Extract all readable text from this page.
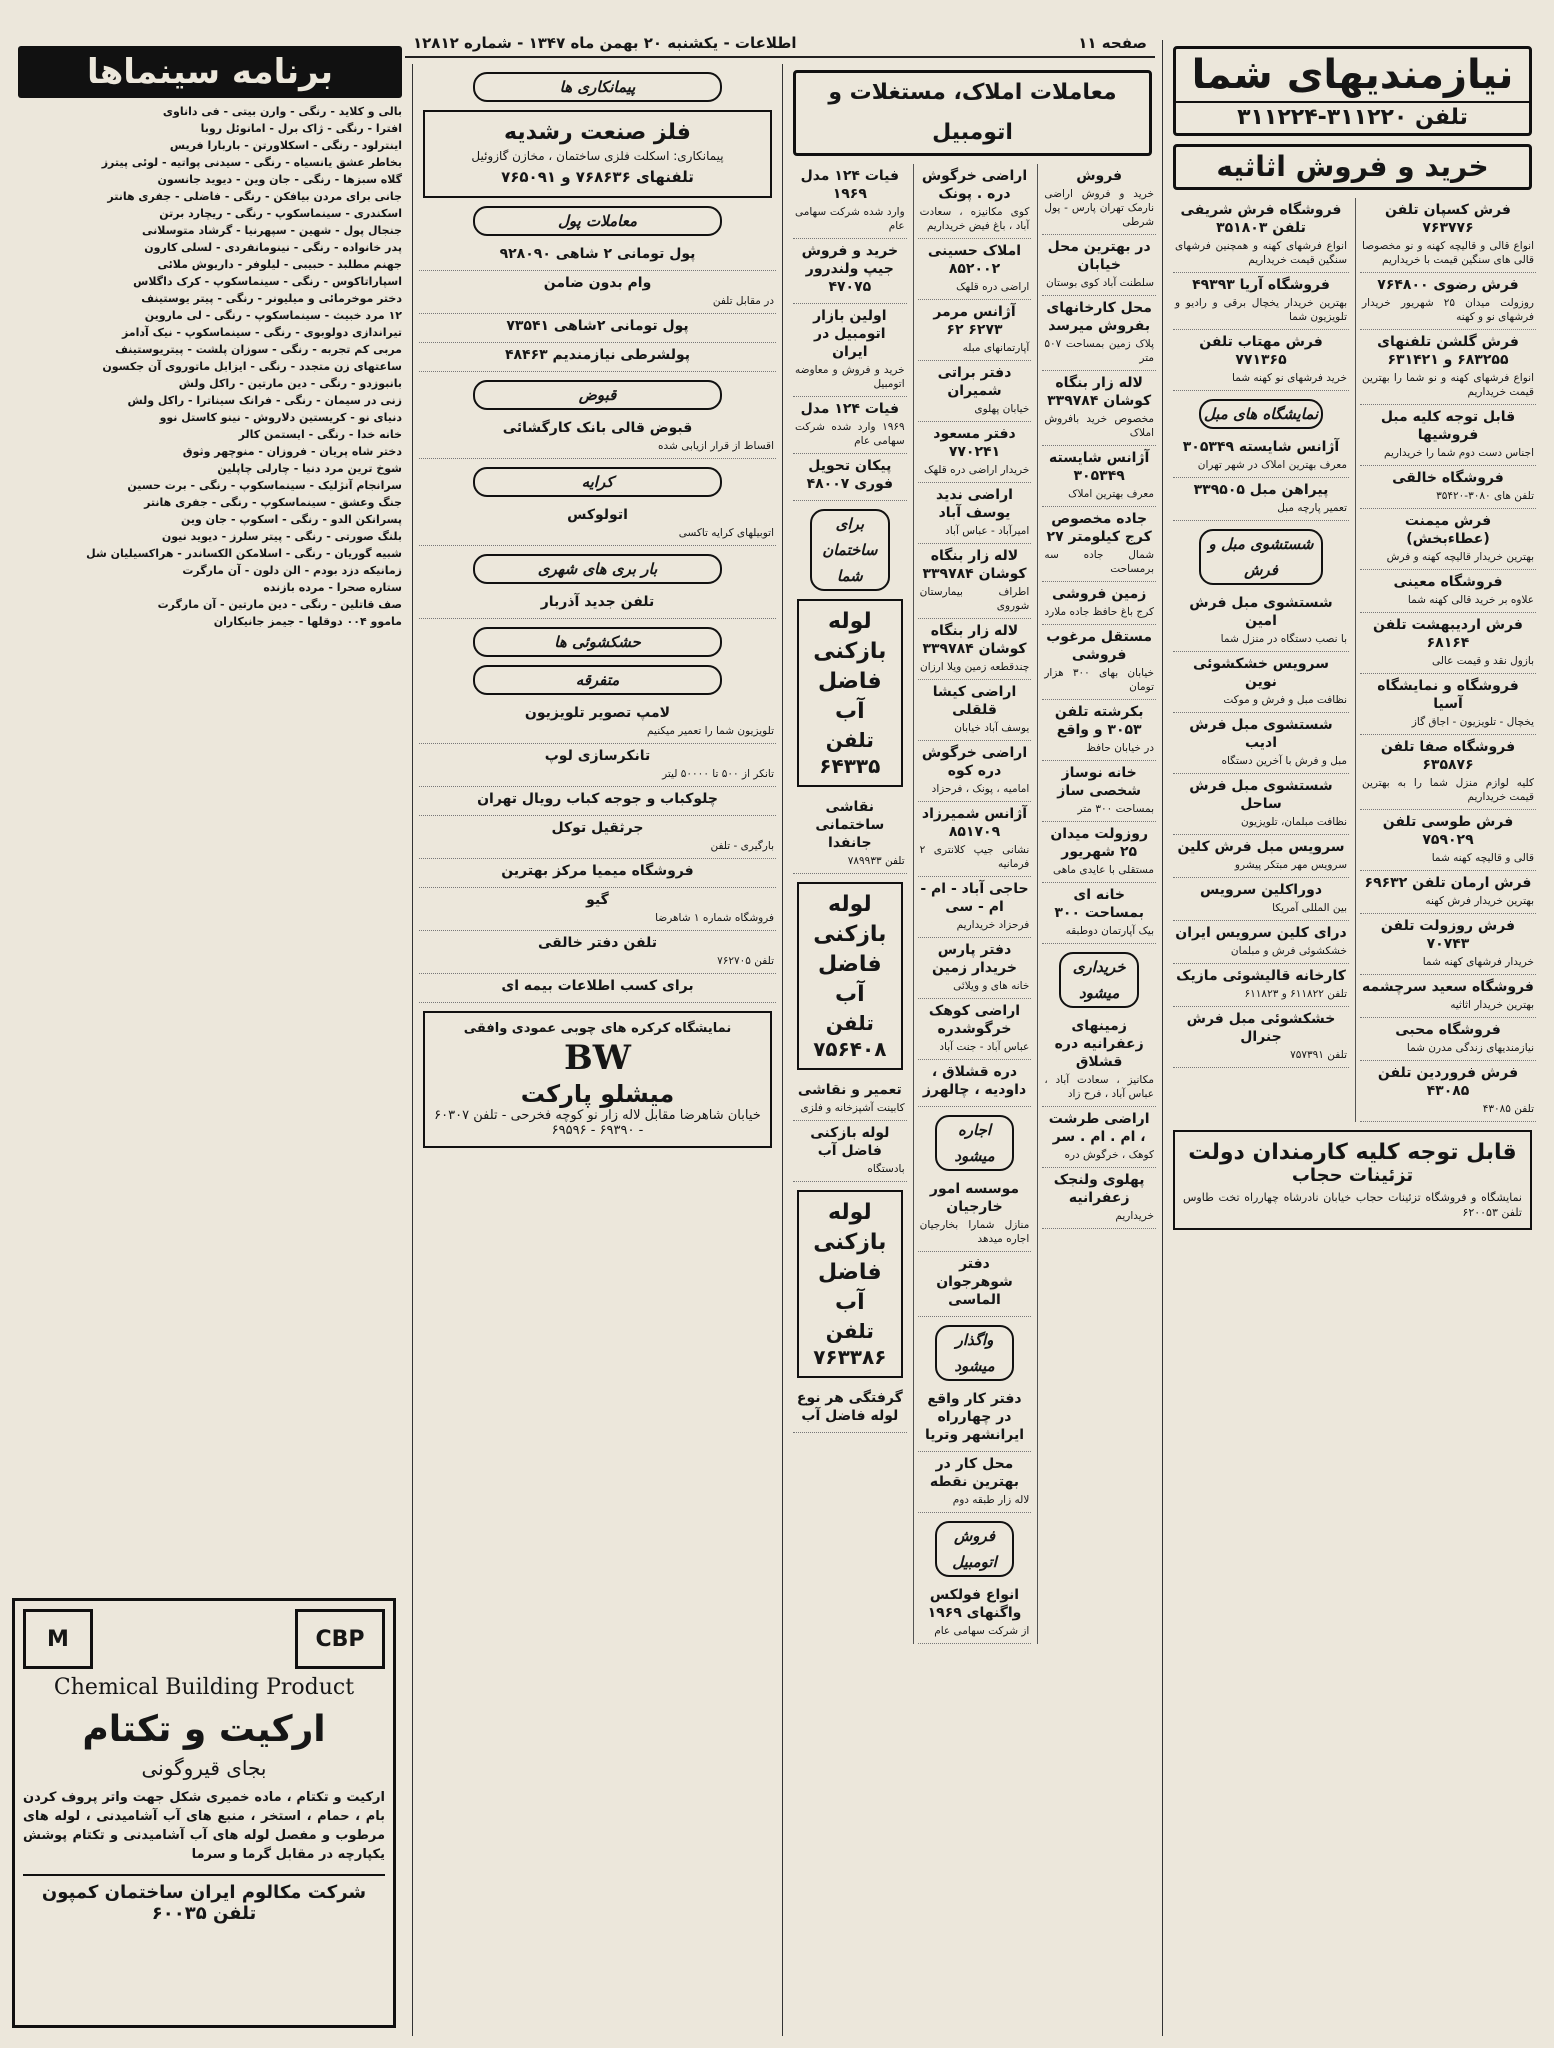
صفحه ۱۱
اطلاعات - یکشنبه ۲۰ بهمن ماه ۱۳۴۷ - شماره ۱۲۸۱۲
نیازمندیهای شما
تلفن ۳۱۱۲۲۰-۳۱۱۲۲۴
خرید و فروش اثاثیه
فرش کسپان تلفن ۷۶۳۷۷۶

انواع قالی و قالیچه کهنه و نو مخصوصا قالی های سنگین قیمت با خریداریم

فرش رضوی ۷۶۴۸۰۰

روزولت میدان ۲۵ شهریور خریدار فرشهای نو و کهنه

فرش گلشن تلفنهای ۶۸۳۲۵۵ و ۶۳۱۴۲۱

انواع فرشهای کهنه و نو شما را بهترین قیمت خریداریم

قابل توجه کلیه مبل فروشیها

اجناس دست دوم شما را خریداریم

فروشگاه خالقی

تلفن های ۳۰۸۰-۳۵۴۲۰

فرش میمنت (عطاءبخش)

بهترین خریدار قالیچه کهنه و فرش

فروشگاه معینی

علاوه بر خرید قالی کهنه شما

فرش اردیبهشت تلفن ۶۸۱۶۴

بازول نقد و قیمت عالی

فروشگاه و نمایشگاه آسیا

یخچال - تلویزیون - اجاق گاز

فروشگاه صفا تلفن ۶۳۵۸۷۶

کلیه لوازم منزل شما را به بهترین قیمت خریداریم

فرش طوسی تلفن ۷۵۹۰۲۹

قالی و قالیچه کهنه شما

فرش ارمان تلفن ۶۹۶۳۲

بهترین خریدار فرش کهنه

فرش روزولت تلفن ۷۰۷۴۳

خریدار فرشهای کهنه شما

فروشگاه سعید سرچشمه

بهترین خریدار اثاثیه

فروشگاه محبی

نیازمندیهای زندگی مدرن شما

فرش فروردین تلفن ۴۳۰۸۵

تلفن ۴۳۰۸۵

فروشگاه فرش شریفی تلفن ۳۵۱۸۰۳

انواع فرشهای کهنه و همچنین فرشهای سنگین قیمت خریداریم

فروشگاه آریا ۴۹۳۹۳

بهترین خریدار یخچال برقی و رادیو و تلویزیون شما

فرش مهتاب تلفن ۷۷۱۳۶۵

خرید فرشهای نو کهنه شما

نمایشگاه های مبل
آژانس شایسته ۳۰۵۳۴۹

معرف بهترین املاک در شهر تهران

پیراهن مبل ۳۳۹۵۰۵

تعمیر پارچه مبل

شستشوی مبل و فرش
شستشوی مبل فرش امین

با نصب دستگاه در منزل شما

سرویس خشکشوئی نوین

نظافت مبل و فرش و موکت

شستشوی مبل فرش ادیب

مبل و فرش با آخرین دستگاه

شستشوی مبل فرش ساحل

نظافت مبلمان، تلویزیون

سرویس مبل فرش کلین

سرویس مهر مبتکر پیشرو

دوراکلین سرویس

بین المللی آمریکا

درای کلین سرویس ایران

خشکشوئی فرش و مبلمان

کارخانه قالیشوئی مازیک

تلفن ۶۱۱۸۲۲ و ۶۱۱۸۲۳

خشکشوئی مبل فرش جنرال

تلفن ۷۵۷۳۹۱

قابل توجه کلیه کارمندان دولت
تزئینات حجاب

نمایشگاه و فروشگاه تزئینات حجاب خیابان نادرشاه چهارراه تخت طاوس تلفن ۶۲۰۰۵۳

معاملات املاک، مستغلات و اتومبیل
فروش

خرید و فروش اراضی نارمک تهران پارس - پول شرطی

در بهترین محل خیابان

سلطنت آباد کوی بوستان

محل کارخانهای بفروش میرسد

پلاک زمین بمساحت ۵۰۷ متر

لاله زار بنگاه کوشان ۳۳۹۷۸۴

مخصوص خرید بافروش املاک

آژانس شایسته ۳۰۵۳۴۹

معرف بهترین املاک

جاده مخصوص کرج کیلومتر ۲۷

شمال جاده سه برمساحت

زمین فروشی

کرج باغ حافظ جاده ملارد

مستقل مرغوب فروشی

خیابان بهای ۳۰۰ هزار تومان

بکرشته تلفن ۳۰۵۳ و واقع

در خیابان حافظ

خانه نوساز شخصی ساز

بمساحت ۳۰۰ متر

روزولت میدان ۲۵ شهریور

مستقلی با عایدی ماهی

خانه ای بمساحت ۳۰۰

بیک آپارتمان دوطبقه

خریداری میشود
زمینهای زعفرانیه دره قشلاق

مکانیز ، سعادت آباد ، عباس آباد ، فرح زاد

اراضی طرشت ، ام . ام . سر

کوهک ، خرگوش دره

پهلوی ولنجک زعفرانیه

خریداریم

اراضی خرگوش دره . پونک

کوی مکانیزه ، سعادت آباد ، باغ فیض خریداریم

املاک حسینی ۸۵۲۰۰۲

اراضی دره قلهک

آژانس مرمر ۶۲۷۳ ۶۲

آپارتمانهای مبله

دفتر براتی شمیران

خیابان پهلوی

دفتر مسعود ۷۷۰۲۴۱

خریدار اراضی دره قلهک

اراضی ندید یوسف آباد

امیرآباد - عباس آباد

لاله زار بنگاه کوشان ۳۳۹۷۸۴

اطراف بیمارستان شوروی

لاله زار بنگاه کوشان ۳۳۹۷۸۴

چندقطعه زمین ویلا ارزان

اراضی کیشا قلقلی

یوسف آباد خیابان

اراضی خرگوش دره کوه

امامیه ، پونک ، فرحزاد

آژانس شمیرزاد ۸۵۱۷۰۹

نشانی جیپ کلانتری ۲ فرمانیه

حاجی آباد - ام - ام - سی

فرحزاد خریداریم

دفتر پارس خریدار زمین

خانه های و ویلائی

اراضی کوهک خرگوشدره

عباس آباد - جنت آباد

دره قشلاق ، داودیه ، چالهرز

اجاره میشود
موسسه امور خارجیان

منازل شمارا بخارجیان اجاره میدهد

دفتر شوهرجوان الماسی

واگذار میشود
دفتر کار واقع در چهارراه ایرانشهر وتریا

محل کار در بهترین نقطه

لاله زار طبقه دوم

فروش اتومبیل
انواع فولکس واگنهای ۱۹۶۹

از شرکت سهامی عام

فیات ۱۲۴ مدل ۱۹۶۹

وارد شده شرکت سهامی عام

خرید و فروش جیپ ولندرور ۴۷۰۷۵

اولین بازار اتومبیل در ایران

خرید و فروش و معاوضه اتومبیل

فیات ۱۲۴ مدل

۱۹۶۹ وارد شده شرکت سهامی عام

پیکان تحویل فوری ۴۸۰۰۷

برای ساختمان شما
لوله بازکنی فاضل آب
تلفن ۶۴۳۳۵
نقاشی ساختمانی جانفدا

تلفن ۷۸۹۹۳۳

لوله بازکنی فاضل آب
تلفن ۷۵۶۴۰۸
تعمیر و نقاشی

کابینت آشپزخانه و فلزی

لوله بازکنی فاضل آب

بادستگاه

لوله بازکنی فاضل آب
تلفن ۷۶۳۳۸۶
گرفتگی هر نوع لوله فاضل آب

پیمانکاری ها
فلز صنعت رشدیه
پیمانکاری: اسکلت فلزی ساختمان ، مخازن گازوئیل
تلفنهای ۷۶۸۶۳۶ و ۷۶۵۰۹۱
معاملات پول
پول تومانی ۲ شاهی ۹۲۸۰۹۰

وام بدون ضامن

در مقابل تلفن

پول تومانی ۲شاهی ۷۳۵۴۱

پولشرطی نیازمندیم ۴۸۴۶۳

قبوض
قبوض قالی بانک کارگشائی

اقساط از قرار ازیابی شده

کرایه
اتولوکس

اتوبیلهای کرایه تاکسی

بار بری های شهری
تلفن جدید آذربار

حشکشوئی ها
متفرقه
لامپ تصویر تلویزیون

تلویزیون شما را تعمیر میکنیم

تانکرسازی لوپ

تانکر از ۵۰۰ تا ۵۰۰۰۰ لیتر

چلوکباب و جوجه کباب رویال تهران

جرثقیل توکل

بارگیری - تلفن

فروشگاه میمیا مرکز بهترین

گیو

فروشگاه شماره ۱ شاهرضا

تلفن دفتر خالقی

تلفن ۷۶۲۷۰۵

برای کسب اطلاعات بیمه ای

نمایشگاه کرکره های چوبی عمودی وافقی
BW
میشلو پارکت
خیابان شاهرضا مقابل لاله زار نو کوچه فخرحی - تلفن ۶۰۳۰۷ - ۶۹۳۹۰ - ۶۹۵۹۶
برنامه سینماها

بالی و کلاید - رنگی - وارن بیتی - فی داناوی

افترا - رنگی - ژاک برل - امانوئل روبا

اینترلود - رنگی - اسکلاورتن - باربارا فریس

بخاطر عشق یانسیاه - رنگی - سیدنی پواتیه - لوئی پیترز

گلاه سبزها - رنگی - جان وین - دیوید جانسون

جانی برای مردن بیافکن - رنگی - فاضلی - جفری هانتر

اسکندری - سینماسکوپ - رنگی - ریچارد برتن

جنجال پول - شهین - سپهرنیا - گرشاد متوسلانی

پدر خانواده - رنگی - نینومانفردی - لسلی کارون

جهنم مطلبد - حبیبی - لیلوفر - داریوش ملائی

اسپاراتاکوس - رنگی - سینماسکوپ - کرک داگلاس

دختر موخرمائی و میلیونر - رنگی - پیتر یوستینف

۱۲ مرد خبیث - سینماسکوپ - رنگی - لی ماروین

تیراندازی دولوبوی - رنگی - سینماسکوپ - نیک آدامز

مربی کم تجربه - رنگی - سوزان پلشت - پیتریوستینف

ساعتهای زن متجدد - رنگی - ایزابل ماتوروی آن جکسون

بانبوزدو - رنگی - دین مارتین - راکل ولش

زنی در سیمان - رنگی - فرانک سیناترا - راکل ولش

دنیای نو - کریستین دلاروش - نینو کاستل نوو

خانه خدا - رنگی - ایستمن کالر

دختر شاه پریان - فروزان - منوچهر وثوق

شوخ ترین مرد دنیا - چارلی چاپلین

سرانجام آنژلیک - سینماسکوپ - رنگی - برت حسین

جنگ وعشق - سینماسکوپ - رنگی - جفری هانتر

پسرانکن الدو - رنگی - اسکوپ - جان وین

بلنگ صورتی - رنگی - پیتر سلرز - دیوید نیون

شبیه گوریان - رنگی - اسلامکن الکساندر - هراکسیلیان شل

زمانیکه دزد بودم - الن دلون - آن مارگرت

ستاره صحرا - مرده بازنده

صف قاتلین - رنگی - دین مارتین - آن مارگرت

ماموو ۰۰۴ دوقلها - جیمز جانیکاران

M	CBP
Chemical Building Product
ارکیت و تکتام
بجای قیروگونی
ارکیت و تکتام ، ماده خمیری شکل جهت واتر پروف کردن بام ، حمام ، استخر ، منبع های آب آشامیدنی ، لوله های مرطوب و مفصل لوله های آب آشامیدنی و تکتام پوشش یکپارچه در مقابل گرما و سرما
شرکت مکالوم ایران ساختمان کمپون تلفن ۶۰۰۳۵
